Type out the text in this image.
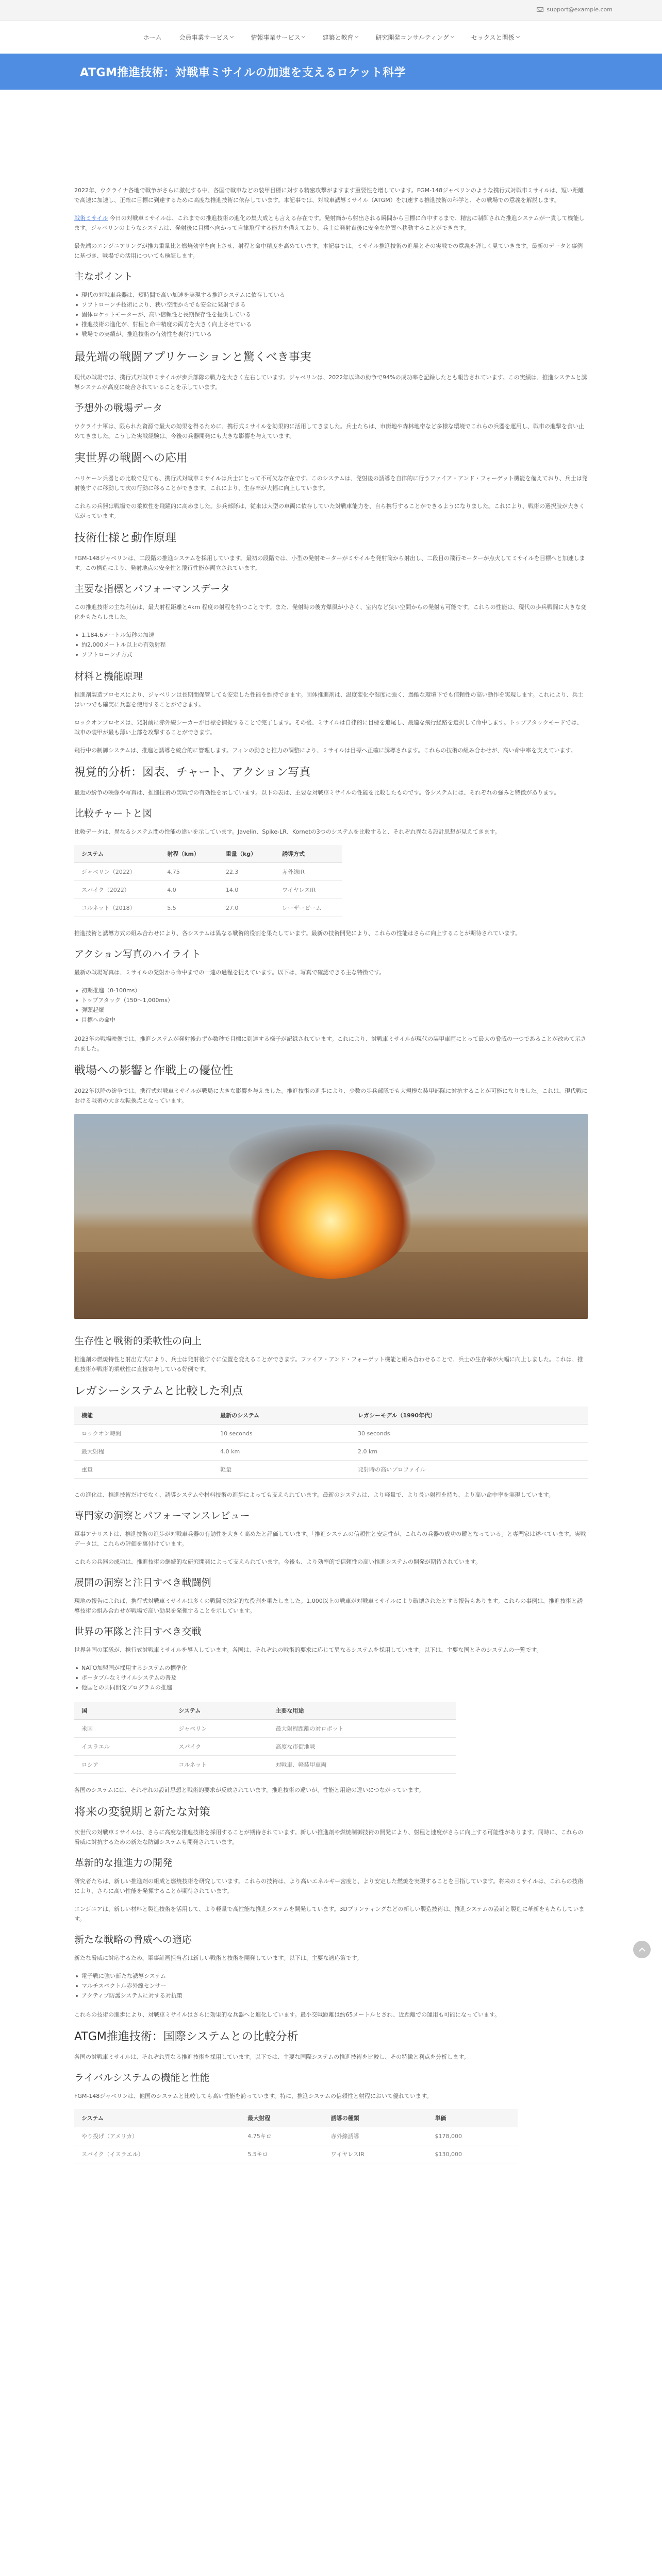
support@example.com
ホーム	会員事業サービス	情報事業サービス	建築と教育	研究開発コンサルティング	セックスと関係
ATGM推進技術：対戦車ミサイルの加速を支えるロケット科学

2022年、ウクライナ各地で戦争がさらに激化する中、各国で戦車などの装甲目標に対する精密攻撃がますます重要性を増しています。FGM-148ジャベリンのような携行式対戦車ミサイルは、短い距離で高速に加速し、正確に目標に到達するために高度な推進技術に依存しています。本記事では、対戦車誘導ミサイル（ATGM）を加速する推進技術の科学と、その戦場での意義を解説します。

戦術ミサイル 今日の対戦車ミサイルは、これまでの推進技術の進化の集大成とも言える存在です。発射筒から射出される瞬間から目標に命中するまで、精密に制御された推進システムが一貫して機能します。ジャベリンのようなシステムは、発射後に目標へ向かって自律飛行する能力を備えており、兵士は発射直後に安全な位置へ移動することができます。

最先端のエンジニアリングが推力重量比と燃焼効率を向上させ、射程と命中精度を高めています。本記事では、ミサイル推進技術の進展とその実戦での意義を詳しく見ていきます。最新のデータと事例に基づき、戦場での活用についても検証します。

主なポイント
現代の対戦車兵器は、短時間で高い加速を実現する推進システムに依存している
ソフトローンチ技術により、狭い空間からでも安全に発射できる
固体ロケットモーターが、高い信頼性と長期保存性を提供している
推進技術の進化が、射程と命中精度の両方を大きく向上させている
戦場での実績が、推進技術の有効性を裏付けている
最先端の戦闘アプリケーションと驚くべき事実

現代の戦場では、携行式対戦車ミサイルが歩兵部隊の戦力を大きく左右しています。ジャベリンは、2022年以降の紛争で94%の成功率を記録したとも報告されています。この実績は、推進システムと誘導システムが高度に統合されていることを示しています。

予想外の戦場データ

ウクライナ軍は、限られた資源で最大の効果を得るために、携行式ミサイルを効果的に活用してきました。兵士たちは、市街地や森林地帯など多様な環境でこれらの兵器を運用し、戦車の進撃を食い止めてきました。こうした実戦経験は、今後の兵器開発にも大きな影響を与えています。

実世界の戦闘への応用

ハリケーン兵器との比較で見ても、携行式対戦車ミサイルは兵士にとって不可欠な存在です。このシステムは、発射後の誘導を自律的に行うファイア・アンド・フォーゲット機能を備えており、兵士は発射後すぐに移動して次の行動に移ることができます。これにより、生存率が大幅に向上しています。

これらの兵器は戦場での柔軟性を飛躍的に高めました。歩兵部隊は、従来は大型の車両に依存していた対戦車能力を、自ら携行することができるようになりました。これにより、戦術の選択肢が大きく広がっています。

技術仕様と動作原理

FGM-148ジャベリンは、二段階の推進システムを採用しています。最初の段階では、小型の発射モーターがミサイルを発射筒から射出し、二段目の飛行モーターが点火してミサイルを目標へと加速します。この構造により、発射地点の安全性と飛行性能が両立されています。

主要な指標とパフォーマンスデータ

この推進技術の主な利点は、最大射程距離と4km 程度の射程を持つことです。また、発射時の後方爆風が小さく、室内など狭い空間からの発射も可能です。これらの性能は、現代の歩兵戦闘に大きな変化をもたらしました。

1,184.6メートル毎秒の加速
約2,000メートル以上の有効射程
ソフトローンチ方式
材料と機能原理

推進剤製造プロセスにより、ジャベリンは長期間保管しても安定した性能を維持できます。固体推進剤は、温度変化や湿度に強く、過酷な環境下でも信頼性の高い動作を実現します。これにより、兵士はいつでも確実に兵器を使用することができます。

ロックオンプロセスは、発射前に赤外線シーカーが目標を捕捉することで完了します。その後、ミサイルは自律的に目標を追尾し、最適な飛行経路を選択して命中します。トップアタックモードでは、戦車の装甲が最も薄い上部を攻撃することができます。

飛行中の制御システムは、推進と誘導を統合的に管理します。フィンの動きと推力の調整により、ミサイルは目標へ正確に誘導されます。これらの技術の組み合わせが、高い命中率を支えています。

視覚的分析：図表、チャート、アクション写真

最近の紛争の映像や写真は、推進技術の実戦での有効性を示しています。以下の表は、主要な対戦車ミサイルの性能を比較したものです。各システムには、それぞれの強みと特徴があります。

比較チャートと図

比較データは、異なるシステム間の性能の違いを示しています。Javelin、Spike-LR、Kornetの3つのシステムを比較すると、それぞれ異なる設計思想が見えてきます。

システム	射程（km）	重量（kg）	誘導方式
ジャベリン（2022）	4.75	22.3	赤外線IR
スパイク（2022）	4.0	14.0	ワイヤレスIR
コルネット（2018）	5.5	27.0	レーザービーム

推進技術と誘導方式の組み合わせにより、各システムは異なる戦術的役割を果たしています。最新の技術開発により、これらの性能はさらに向上することが期待されています。

アクション写真のハイライト

最新の戦場写真は、ミサイルの発射から命中までの一連の過程を捉えています。以下は、写真で確認できる主な特徴です。

初期推進（0-100ms）
トップアタック（150～1,000ms）
弾頭起爆
目標への命中

2023年の戦場映像では、推進システムが発射後わずか数秒で目標に到達する様子が記録されています。これにより、対戦車ミサイルが現代の装甲車両にとって最大の脅威の一つであることが改めて示されました。

戦場への影響と作戦上の優位性

2022年以降の紛争では、携行式対戦車ミサイルが戦局に大きな影響を与えました。推進技術の進歩により、少数の歩兵部隊でも大規模な装甲部隊に対抗することが可能になりました。これは、現代戦における戦術の大きな転換点となっています。

生存性と戦術的柔軟性の向上

推進剤の燃焼特性と射出方式により、兵士は発射後すぐに位置を変えることができます。ファイア・アンド・フォーゲット機能と組み合わせることで、兵士の生存率が大幅に向上しました。これは、推進技術が戦術的柔軟性に直接寄与している好例です。

レガシーシステムと比較した利点
機能	最新のシステム	レガシーモデル（1990年代）
ロックオン時間	10 seconds	30 seconds
最大射程	4.0 km	2.0 km
重量	軽量	発射時の高いプロファイル

この進化は、推進技術だけでなく、誘導システムや材料技術の進歩によっても支えられています。最新のシステムは、より軽量で、より長い射程を持ち、より高い命中率を実現しています。

専門家の洞察とパフォーマンスレビュー

軍事アナリストは、推進技術の進歩が対戦車兵器の有効性を大きく高めたと評価しています。「推進システムの信頼性と安定性が、これらの兵器の成功の鍵となっている」と専門家は述べています。実戦データは、これらの評価を裏付けています。

これらの兵器の成功は、推進技術の継続的な研究開発によって支えられています。今後も、より効率的で信頼性の高い推進システムの開発が期待されています。

展開の洞察と注目すべき戦闘例

現地の報告によれば、携行式対戦車ミサイルは多くの戦闘で決定的な役割を果たしました。1,000以上の戦車が対戦車ミサイルにより破壊されたとする報告もあります。これらの事例は、推進技術と誘導技術の組み合わせが戦場で高い効果を発揮することを示しています。

世界の軍隊と注目すべき交戦

世界各国の軍隊が、携行式対戦車ミサイルを導入しています。各国は、それぞれの戦術的要求に応じて異なるシステムを採用しています。以下は、主要な国とそのシステムの一覧です。

NATO加盟国が採用するシステムの標準化
ポータブルなミサイルシステムの普及
他国との共同開発プログラムの推進
国	システム	主要な用途
米国	ジャベリン	最大射程距離の対ロボット
イスラエル	スパイク	高度な市街地戦
ロシア	コルネット	対戦車、軽装甲車両

各国のシステムには、それぞれの設計思想と戦術的要求が反映されています。推進技術の違いが、性能と用途の違いにつながっています。

将来の変貌期と新たな対策

次世代の対戦車ミサイルは、さらに高度な推進技術を採用することが期待されています。新しい推進剤や燃焼制御技術の開発により、射程と速度がさらに向上する可能性があります。同時に、これらの脅威に対抗するための新たな防御システムも開発されています。

革新的な推進力の開発

研究者たちは、新しい推進剤の組成と燃焼技術を研究しています。これらの技術は、より高いエネルギー密度と、より安定した燃焼を実現することを目指しています。将来のミサイルは、これらの技術により、さらに高い性能を発揮することが期待されています。

エンジニアは、新しい材料と製造技術を活用して、より軽量で高性能な推進システムを開発しています。3Dプリンティングなどの新しい製造技術は、推進システムの設計と製造に革新をもたらしています。

新たな戦略の脅威への適応

新たな脅威に対応するため、軍事計画担当者は新しい戦術と技術を開発しています。以下は、主要な適応策です。

電子戦に強い新たな誘導システム
マルチスペクトル赤外線センサー
アクティブ防護システムに対する対抗策

これらの技術の進歩により、対戦車ミサイルはさらに効果的な兵器へと進化しています。最小交戦距離は約65メートルとされ、近距離での運用も可能になっています。

ATGM推進技術：国際システムとの比較分析

各国の対戦車ミサイルは、それぞれ異なる推進技術を採用しています。以下では、主要な国際システムの推進技術を比較し、その特徴と利点を分析します。

ライバルシステムの機能と性能

FGM-148ジャベリンは、他国のシステムと比較しても高い性能を誇っています。特に、推進システムの信頼性と射程において優れています。

システム	最大射程	誘導の種類	単価
やり投げ（アメリカ）	4.75キロ	赤外線誘導	$178,000
スパイク（イスラエル）	5.5キロ	ワイヤレスIR	$130,000
